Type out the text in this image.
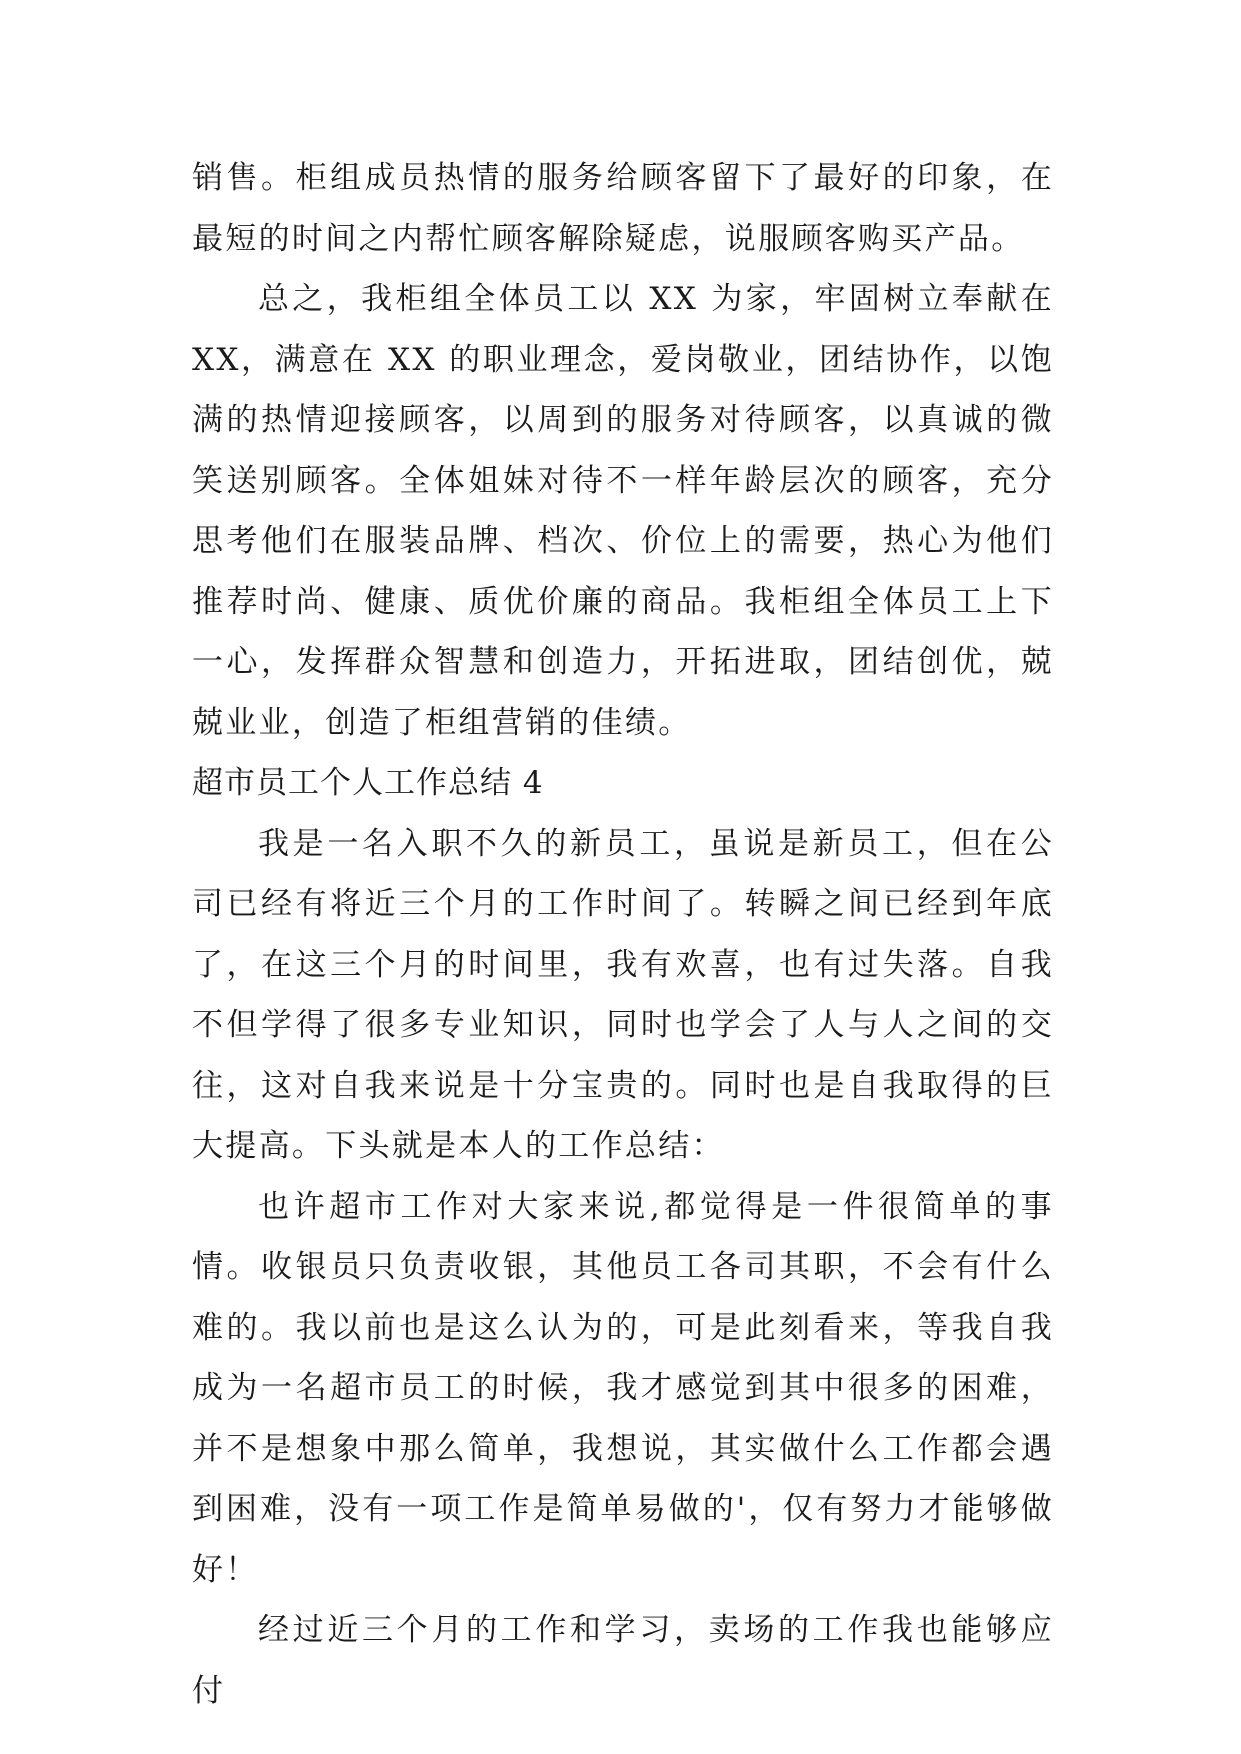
销售。柜组成员热情的服务给顾客留下了最好的印象，在最短的时间之内帮忙顾客解除疑虑，说服顾客购买产品。

总之，我柜组全体员工以 XX 为家，牢固树立奉献在 XX，满意在 XX 的职业理念，爱岗敬业，团结协作，以饱满的热情迎接顾客，以周到的服务对待顾客，以真诚的微笑送别顾客。全体姐妹对待不一样年龄层次的顾客，充分思考他们在服装品牌、档次、价位上的需要，热心为他们推荐时尚、健康、质优价廉的商品。我柜组全体员工上下一心，发挥群众智慧和创造力，开拓进取，团结创优，兢兢业业，创造了柜组营销的佳绩。

超市员工个人工作总结 4

我是一名入职不久的新员工，虽说是新员工，但在公司已经有将近三个月的工作时间了。转瞬之间已经到年底了，在这三个月的时间里，我有欢喜，也有过失落。自我不但学得了很多专业知识，同时也学会了人与人之间的交往，这对自我来说是十分宝贵的。同时也是自我取得的巨大提高。下头就是本人的工作总结：

也许超市工作对大家来说,都觉得是一件很简单的事情。收银员只负责收银，其他员工各司其职，不会有什么难的。我以前也是这么认为的，可是此刻看来，等我自我成为一名超市员工的时候，我才感觉到其中很多的困难，并不是想象中那么简单，我想说，其实做什么工作都会遇到困难，没有一项工作是简单易做的'，仅有努力才能够做好！

经过近三个月的工作和学习，卖场的工作我也能够应付
